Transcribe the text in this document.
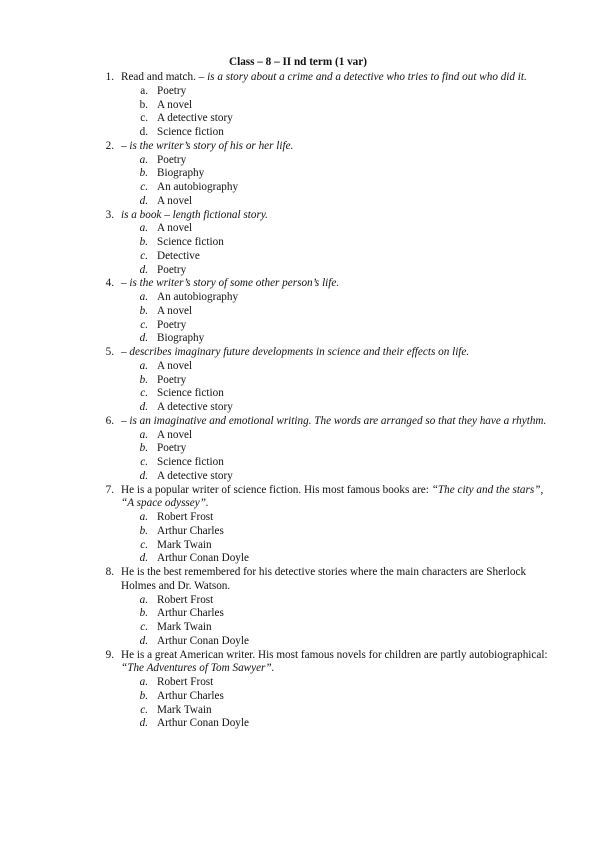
Class – 8 – II nd term (1 var)
1. Read and match. – is a story about a crime and a detective who tries to find out who did it.
a. Poetry
b. A novel
c. A detective story
d. Science fiction
2. – is the writer’s story of his or her life.
a. Poetry
b. Biography
c. An autobiography
d. A novel
3. is a book – length fictional story.
a. A novel
b. Science fiction
c. Detective
d. Poetry
4. – is the writer’s story of some other person’s life.
a. An autobiography
b. A novel
c. Poetry
d. Biography
5. – describes imaginary future developments in science and their effects on life.
a. A novel
b. Poetry
c. Science fiction
d. A detective story
6. – is an imaginative and emotional writing. The words are arranged so that they have a rhythm.
a. A novel
b. Poetry
c. Science fiction
d. A detective story
7. He is a popular writer of science fiction. His most famous books are: “The city and the stars”, “A space odyssey”.
a. Robert Frost
b. Arthur Charles
c. Mark Twain
d. Arthur Conan Doyle
8. He is the best remembered for his detective stories where the main characters are Sherlock Holmes and Dr. Watson.
a. Robert Frost
b. Arthur Charles
c. Mark Twain
d. Arthur Conan Doyle
9. He is a great American writer. His most famous novels for children are partly autobiographical: “The Adventures of Tom Sawyer”.
a. Robert Frost
b. Arthur Charles
c. Mark Twain
d. Arthur Conan Doyle
